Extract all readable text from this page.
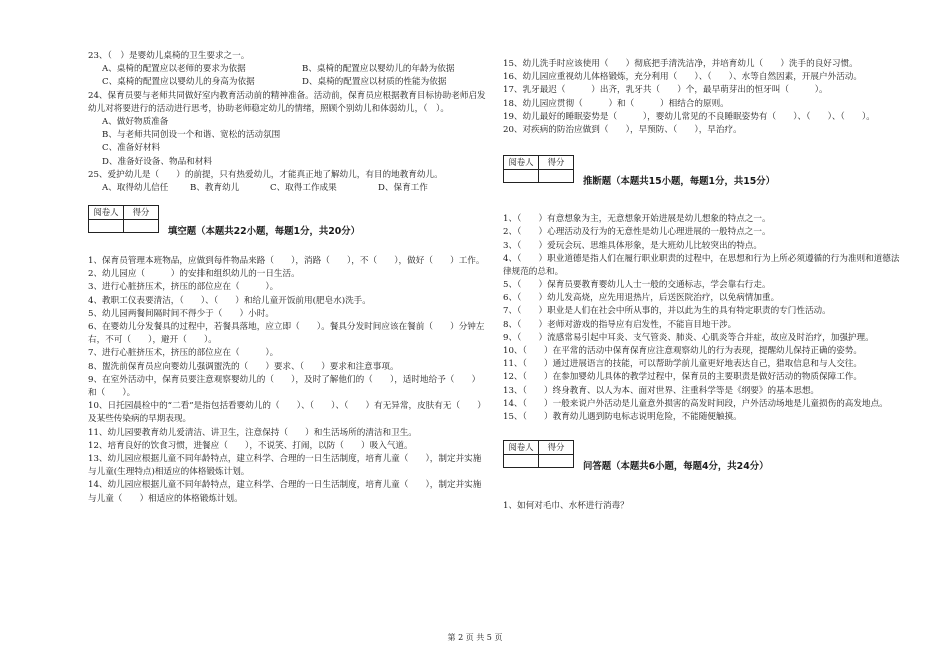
23、（　）是婴幼儿桌椅的卫生要求之一。
A、桌椅的配置应以老师的要求为依据	B、桌椅的配置应以婴幼儿的年龄为依据
C、桌椅的配置应以婴幼儿的身高为依据	D、桌椅的配置应以材质的性能为依据
24、保育员要与老师共同做好室内教育活动前的精神准备。活动前，保育员应根据教育目标协助老师启发幼儿对将要进行的活动进行思考，协助老师稳定幼儿的情绪，照顾个别幼儿和体弱幼儿，（　）。
A、做好物质准备
B、与老师共同创设一个和谐、宽松的活动氛围
C、准备好材料
D、准备好设备、物品和材料
25、爱护幼儿是（　　）的前提，只有热爱幼儿，才能真正地了解幼儿，有目的地教育幼儿。
A、取得幼儿信任	B、教育幼儿	C、取得工作成果	D、保育工作
阅卷人	得分

填空题（本题共22小题，每题1分，共20分）
1、保育员管理本班物品，应做到每件物品来路（　　），消路（　　），不（　　），做好（　　）工作。
2、幼儿园应（　　　）的安排和组织幼儿的一日生活。
3、进行心脏挤压术，挤压的部位应在（　　　）。
4、教职工仪表要清洁，（　　）、（　　）和给儿童开饭前用(肥皂水)洗手。
5、幼儿园两餐间隔时间不得少于（　　）小时。
6、在婴幼儿分发餐具的过程中，若餐具落地，应立即（　　）。餐具分发时间应该在餐前（　　）分钟左右，不可（　　），避开（　　）。
7、进行心脏挤压术，挤压的部位应在（　　　）。
8、盥洗前保育员应向婴幼儿强调盥洗的（　　）要求、（　　）要求和注意事项。
9、在室外活动中，保育员要注意观察婴幼儿的（　　），及时了解他们的（　　），适时地给予（　　）和（　　）。
10、日托园晨检中的“二看”是指包括看婴幼儿的（　　）、（　　）、（　　）有无异常，皮肤有无（　　）及某些传染病的早期表现。
11、幼儿园要教育幼儿爱清洁、讲卫生，注意保持（　　）和生活场所的清洁和卫生。
12、培育良好的饮食习惯，进餐应（　　），不说笑、打闹，以防（　　）吸入气道。
13、幼儿园应根据儿童不同年龄特点，建立科学、合理的一日生活制度，培育儿童（　　），制定并实施与儿童(生理特点)相适应的体格锻炼计划。
14、幼儿园应根据儿童不同年龄特点，建立科学、合理的一日生活制度，培育儿童（　　），制定并实施与儿童（　　）相适应的体格锻炼计划。
15、幼儿洗手时应该使用（　　）彻底把手清洗洁净，并培育幼儿（　　）洗手的良好习惯。
16、幼儿园应重视幼儿体格锻炼，充分利用（　　）、（　　）、水等自然因素，开展户外活动。
17、乳牙最迟（　　　）出齐，乳牙共（　　）个，最早萌芽出的恒牙叫（　　　）。
18、幼儿园应贯彻（　　　）和（　　　）相结合的原则。
19、幼儿最好的睡眠姿势是（　　　），婴幼儿常见的不良睡眠姿势有（　　）、（　　）、（　　）。
20、对疾病的防治应做到（　　），早预防、（　　），早治疗。
阅卷人	得分

推断题（本题共15小题，每题1分，共15分）
1、（　　）有意想象为主，无意想象开始进展是幼儿想象的特点之一。
2、（　　）心理活动及行为的无意性是幼儿心理进展的一般特点之一。
3、（　　）爱玩会玩、思维具体形象，是大班幼儿比较突出的特点。
4、（　　）职业道德是指人们在履行职业职责的过程中，在思想和行为上所必须遵循的行为准则和道德法律规范的总和。
5、（　　）保育员要教育婴幼儿人士一般的交通标志，学会靠右行走。
6、（　　）幼儿发高烧，应先用退热片，后送医院治疗，以免病情加重。
7、（　　）职业是人们在社会中所从事的，并以此为生的具有特定职责的专门性活动。
8、（　　）老师对游戏的指导应有启发性，不能盲目地干涉。
9、（　　）流感常易引起中耳炎、支气管炎、肺炎、心肌炎等合并症，故应及时治疗，加强护理。
10、（　　）在平常的活动中保育保育应注意观察幼儿的行为表现，提醒幼儿保持正确的姿势。
11、（　　）通过进展语言的技能，可以帮助学前儿童更好地表达自己，猎取信息和与人交往。
12、（　　）在参加婴幼儿具体的教学过程中，保育员的主要职责是做好活动的物质保障工作。
13、（　　）终身教育、以人为本、面对世界、注重科学等是《纲要》的基本思想。
14、（　　）一般来说户外活动是儿童意外损害的高发时间段，户外活动场地是儿童损伤的高发地点。
15、（　　）教育幼儿遇到防电标志说明危险，不能随便触摸。
阅卷人	得分

问答题（本题共6小题，每题4分，共24分）
1、如何对毛巾、水杯进行消毒？
第 2 页 共 5 页
